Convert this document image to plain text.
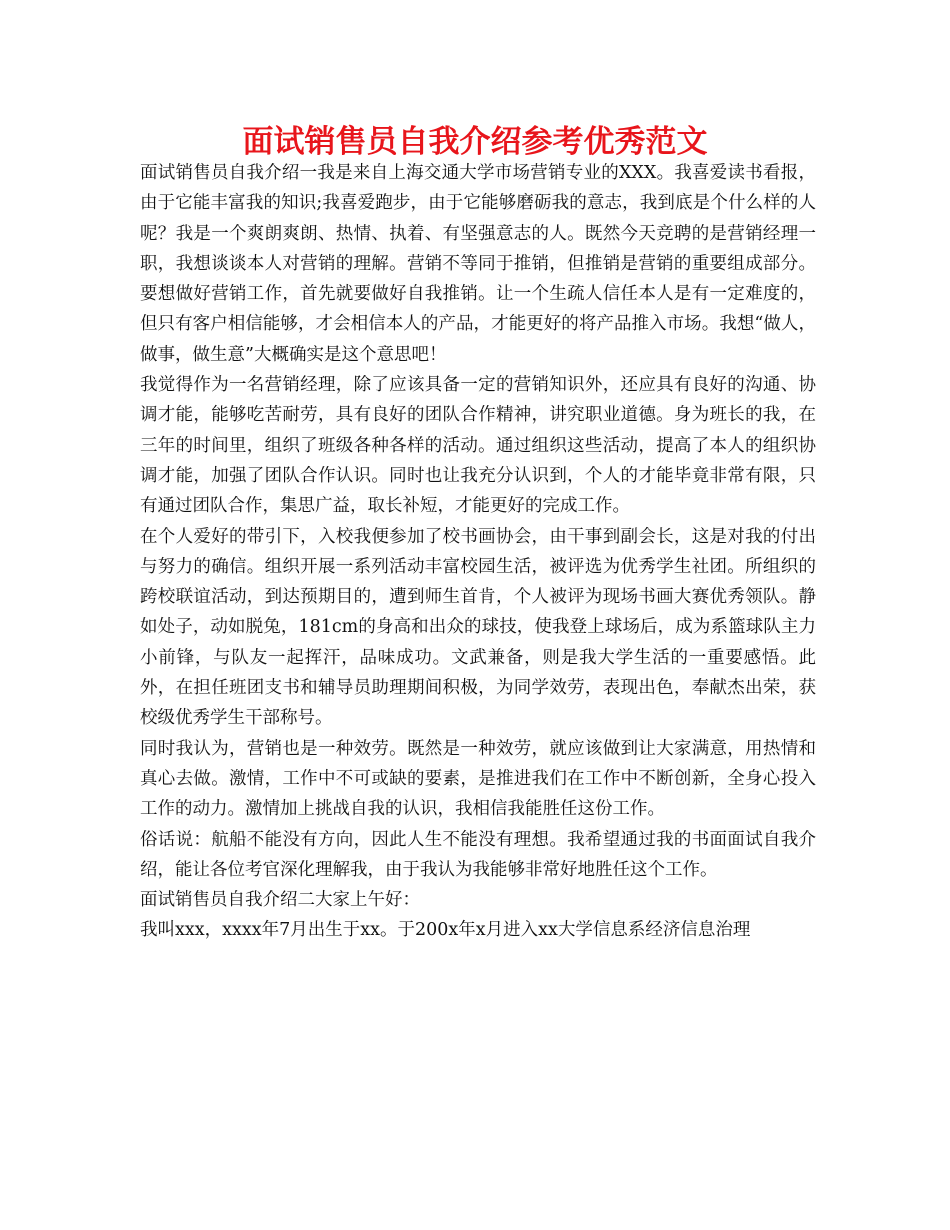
面试销售员自我介绍参考优秀范文

面试销售员自我介绍一我是来自上海交通大学市场营销专业的XXX。我喜爱读书看报，由于它能丰富我的知识;我喜爱跑步，由于它能够磨砺我的意志，我到底是个什么样的人呢？我是一个爽朗爽朗、热情、执着、有坚强意志的人。既然今天竞聘的是营销经理一职，我想谈谈本人对营销的理解。营销不等同于推销，但推销是营销的重要组成部分。要想做好营销工作，首先就要做好自我推销。让一个生疏人信任本人是有一定难度的，但只有客户相信能够，才会相信本人的产品，才能更好的将产品推入市场。我想“做人，做事，做生意”大概确实是这个意思吧！

我觉得作为一名营销经理，除了应该具备一定的营销知识外，还应具有良好的沟通、协调才能，能够吃苦耐劳，具有良好的团队合作精神，讲究职业道德。身为班长的我，在三年的时间里，组织了班级各种各样的活动。通过组织这些活动，提高了本人的组织协调才能，加强了团队合作认识。同时也让我充分认识到，个人的才能毕竟非常有限，只有通过团队合作，集思广益，取长补短，才能更好的完成工作。

在个人爱好的带引下，入校我便参加了校书画协会，由干事到副会长，这是对我的付出与努力的确信。组织开展一系列活动丰富校园生活，被评选为优秀学生社团。所组织的跨校联谊活动，到达预期目的，遭到师生首肯，个人被评为现场书画大赛优秀领队。静如处子，动如脱兔，181cm的身高和出众的球技，使我登上球场后，成为系篮球队主力小前锋，与队友一起挥汗，品味成功。文武兼备，则是我大学生活的一重要感悟。此外，在担任班团支书和辅导员助理期间积极，为同学效劳，表现出色，奉献杰出荣，获校级优秀学生干部称号。

同时我认为，营销也是一种效劳。既然是一种效劳，就应该做到让大家满意，用热情和真心去做。激情，工作中不可或缺的要素，是推进我们在工作中不断创新，全身心投入工作的动力。激情加上挑战自我的认识，我相信我能胜任这份工作。

俗话说：航船不能没有方向，因此人生不能没有理想。我希望通过我的书面面试自我介绍，能让各位考官深化理解我，由于我认为我能够非常好地胜任这个工作。

面试销售员自我介绍二大家上午好：

我叫xxx，xxxx年7月出生于xx。于200x年x月进入xx大学信息系经济信息治理
